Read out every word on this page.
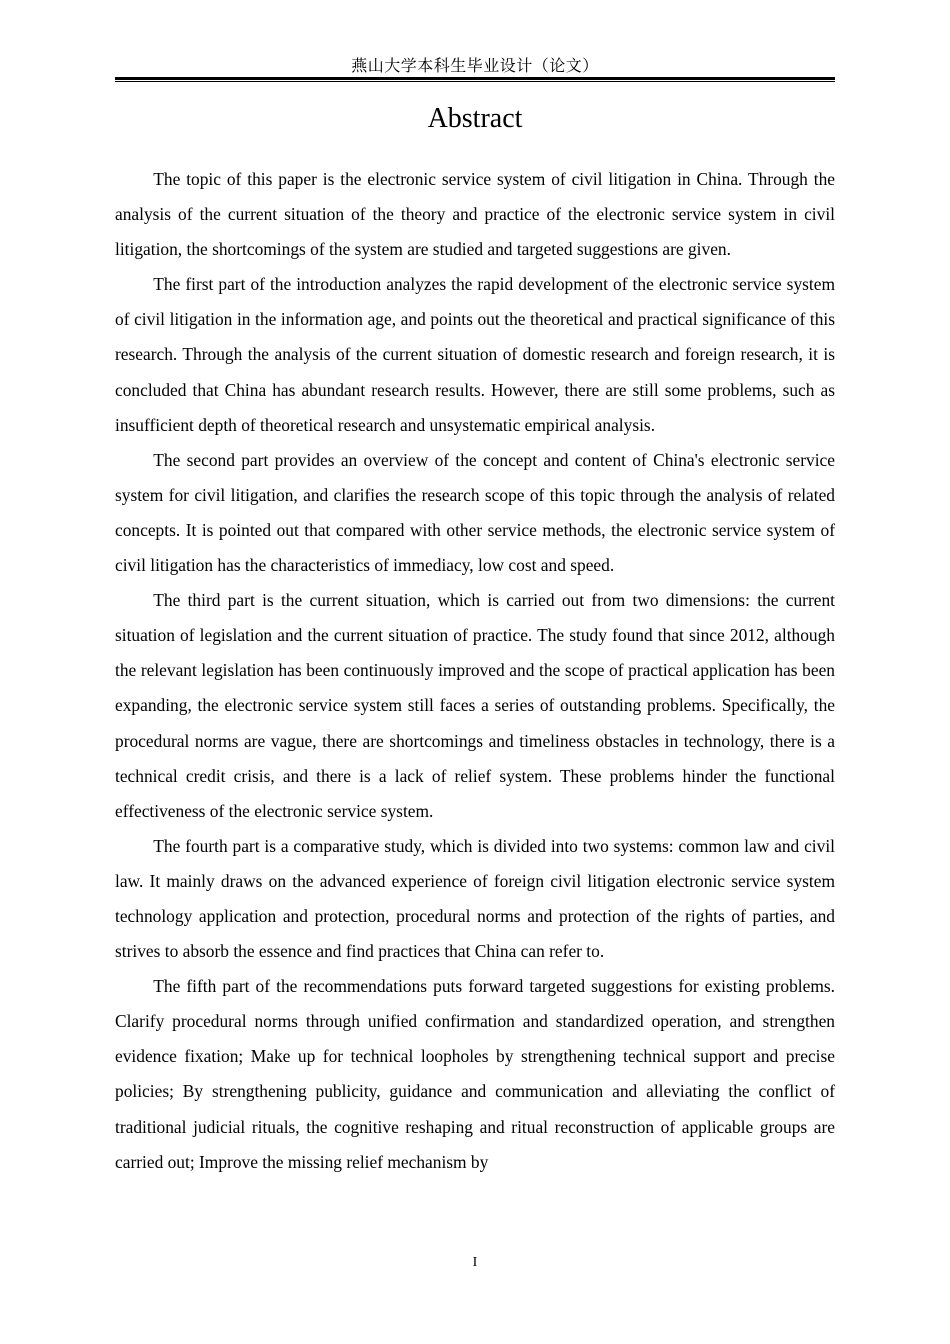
燕山大学本科生毕业设计（论文）
Abstract

The topic of this paper is the electronic service system of civil litigation in China. Through the analysis of the current situation of the theory and practice of the electronic service system in civil litigation, the shortcomings of the system are studied and targeted suggestions are given.

The first part of the introduction analyzes the rapid development of the electronic service system of civil litigation in the information age, and points out the theoretical and practical significance of this research. Through the analysis of the current situation of domestic research and foreign research, it is concluded that China has abundant research results. However, there are still some problems, such as insufficient depth of theoretical research and unsystematic empirical analysis.

The second part provides an overview of the concept and content of China's electronic service system for civil litigation, and clarifies the research scope of this topic through the analysis of related concepts. It is pointed out that compared with other service methods, the electronic service system of civil litigation has the characteristics of immediacy, low cost and speed.

The third part is the current situation, which is carried out from two dimensions: the current situation of legislation and the current situation of practice. The study found that since 2012, although the relevant legislation has been continuously improved and the scope of practical application has been expanding, the electronic service system still faces a series of outstanding problems. Specifically, the procedural norms are vague, there are shortcomings and timeliness obstacles in technology, there is a technical credit crisis, and there is a lack of relief system. These problems hinder the functional effectiveness of the electronic service system.

The fourth part is a comparative study, which is divided into two systems: common law and civil law. It mainly draws on the advanced experience of foreign civil litigation electronic service system technology application and protection, procedural norms and protection of the rights of parties, and strives to absorb the essence and find practices that China can refer to.

The fifth part of the recommendations puts forward targeted suggestions for existing problems. Clarify procedural norms through unified confirmation and standardized operation, and strengthen evidence fixation; Make up for technical loopholes by strengthening technical support and precise policies; By strengthening publicity, guidance and communication and alleviating the conflict of traditional judicial rituals, the cognitive reshaping and ritual reconstruction of applicable groups are carried out; Improve the missing relief mechanism by

I
